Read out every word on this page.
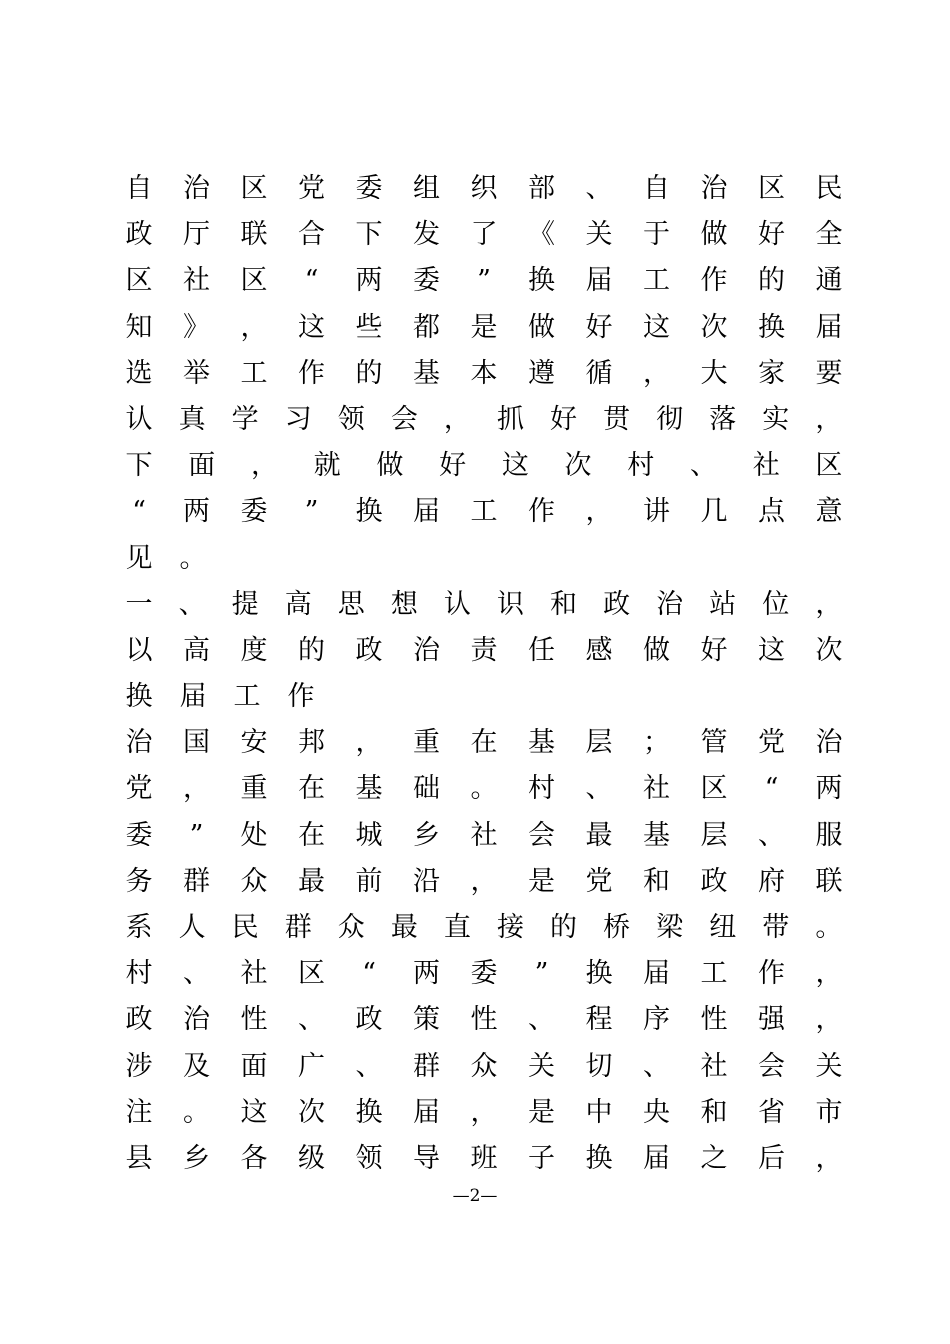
自 治 区 党 委 组 织 部 、 自 治 区 民
政 厅 联 合 下 发 了 《 关 于 做 好 全
区 社 区 “ 两 委 ” 换 届 工 作 的 通
知 》 ， 这 些 都 是 做 好 这 次 换 届
选 举 工 作 的 基 本 遵 循 ， 大 家 要
认 真 学 习 领 会 ， 抓 好 贯 彻 落 实 ，
下 面 ， 就 做 好 这 次 村 、 社 区
“ 两 委 ” 换 届 工 作 ， 讲 几 点 意
见 。
一 、 提 高 思 想 认 识 和 政 治 站 位 ，
以 高 度 的 政 治 责 任 感 做 好 这 次
换 届 工 作
治 国 安 邦 ， 重 在 基 层 ； 管 党 治
党 ， 重 在 基 础 。 村 、 社 区 “ 两
委 ” 处 在 城 乡 社 会 最 基 层 、 服
务 群 众 最 前 沿 ， 是 党 和 政 府 联
系 人 民 群 众 最 直 接 的 桥 梁 纽 带 。
村 、 社 区 “ 两 委 ” 换 届 工 作 ，
政 治 性 、 政 策 性 、 程 序 性 强 ，
涉 及 面 广 、 群 众 关 切 、 社 会 关
注 。 这 次 换 届 ， 是 中 央 和 省 市
县 乡 各 级 领 导 班 子 换 届 之 后 ，
—2—
